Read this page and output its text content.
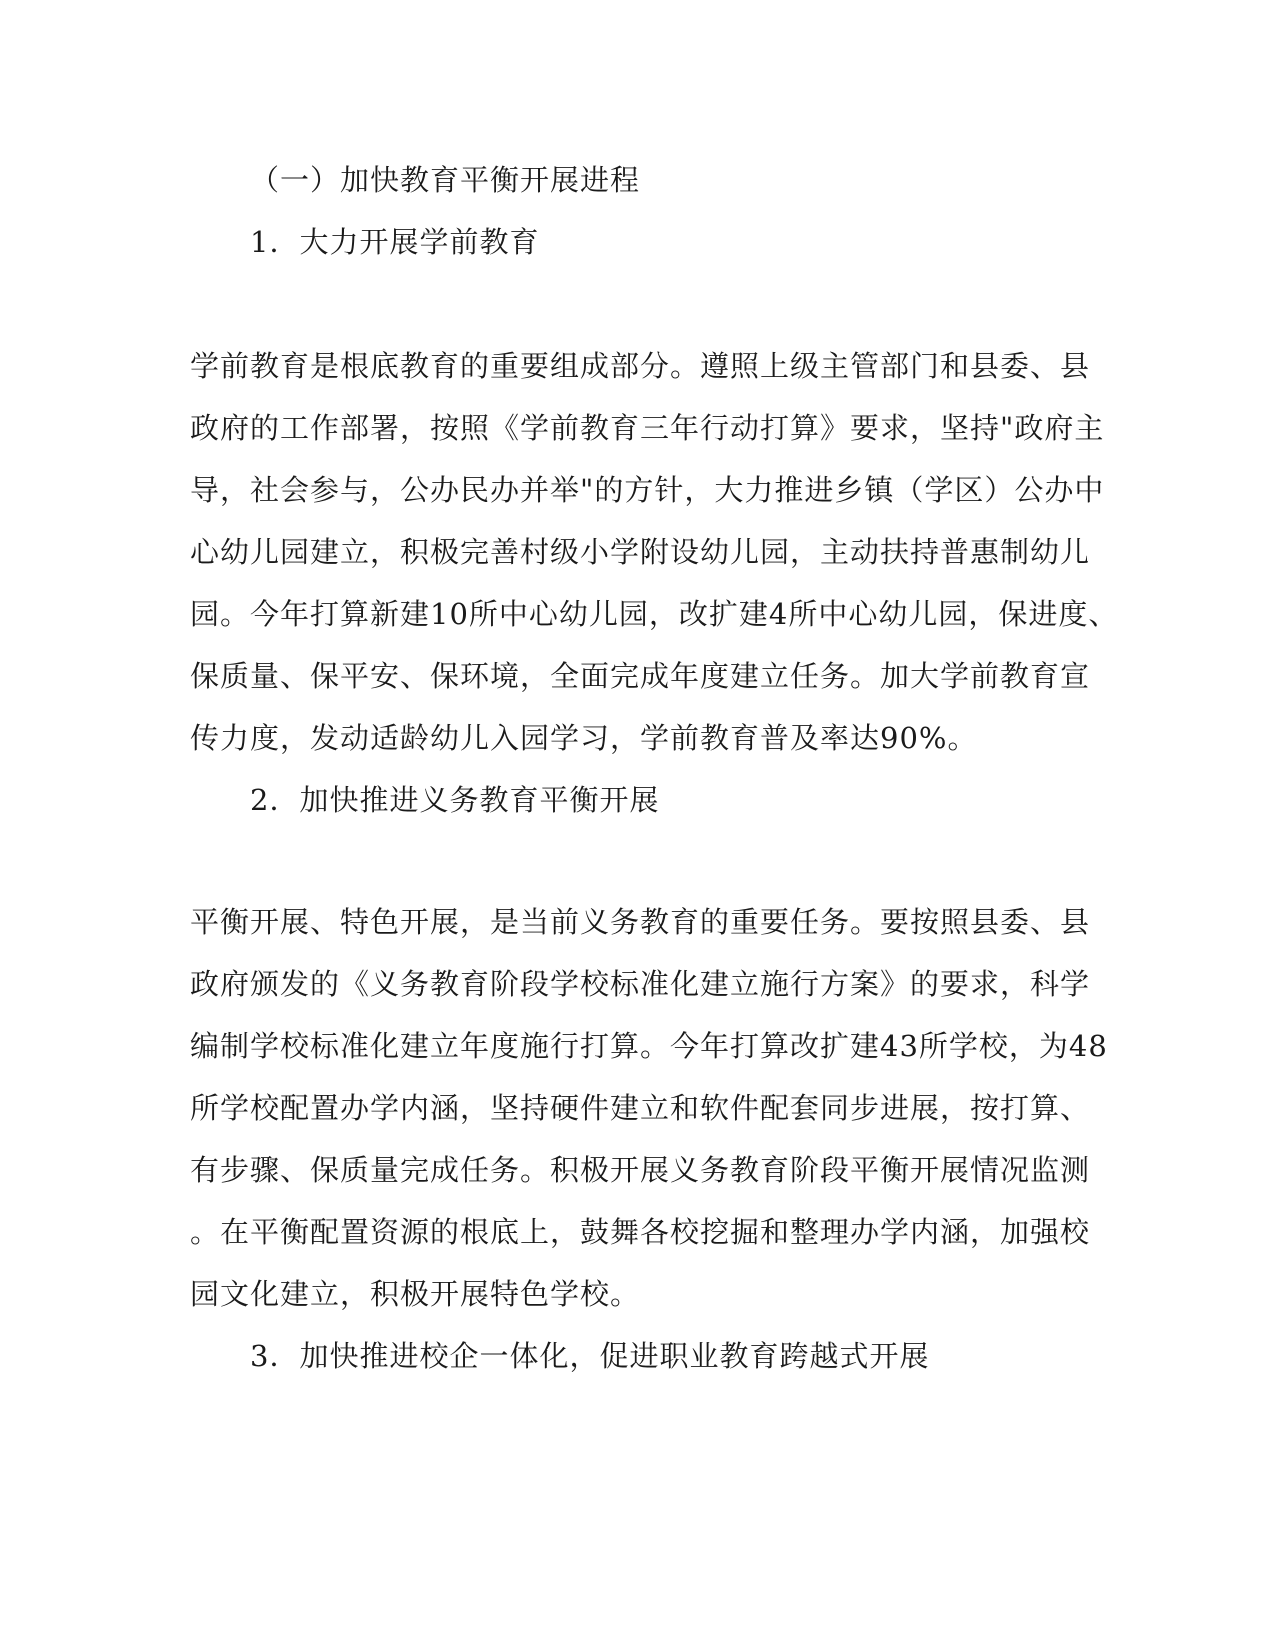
（一）加快教育平衡开展进程
1．大力开展学前教育
学前教育是根底教育的重要组成部分。遵照上级主管部门和县委、县
政府的工作部署，按照《学前教育三年行动打算》要求，坚持"政府主
导，社会参与，公办民办并举"的方针，大力推进乡镇（学区）公办中
心幼儿园建立，积极完善村级小学附设幼儿园，主动扶持普惠制幼儿
园。今年打算新建10所中心幼儿园，改扩建4所中心幼儿园，保进度、
保质量、保平安、保环境，全面完成年度建立任务。加大学前教育宣
传力度，发动适龄幼儿入园学习，学前教育普及率达90%。
2．加快推进义务教育平衡开展
平衡开展、特色开展，是当前义务教育的重要任务。要按照县委、县
政府颁发的《义务教育阶段学校标准化建立施行方案》的要求，科学
编制学校标准化建立年度施行打算。今年打算改扩建43所学校，为48
所学校配置办学内涵，坚持硬件建立和软件配套同步进展，按打算、
有步骤、保质量完成任务。积极开展义务教育阶段平衡开展情况监测
。在平衡配置资源的根底上，鼓舞各校挖掘和整理办学内涵，加强校
园文化建立，积极开展特色学校。
3．加快推进校企一体化，促进职业教育跨越式开展
